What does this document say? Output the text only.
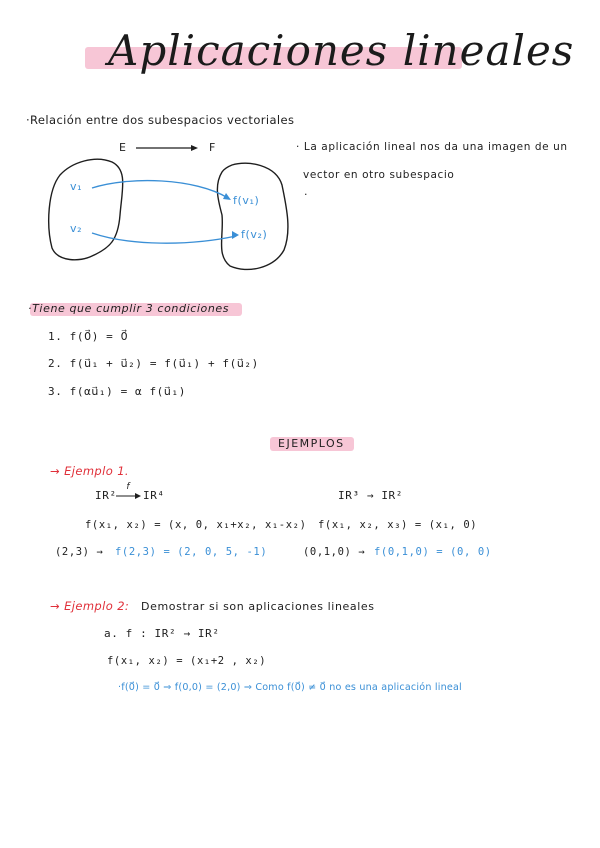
Aplicaciones lineales
·Relación entre dos subespacios vectoriales
E	F
v₁
v₂
f(v₁)
f(v₂)
· La aplicación lineal nos da una imagen de un
vector en otro subespacio
·
·Tiene que cumplir 3 condiciones
1. f(0⃗) = 0⃗
2. f(u⃗₁ + u⃗₂) = f(u⃗₁) + f(u⃗₂)
3. f(αu⃗₁) = α f(u⃗₁)
EJEMPLOS
→ Ejemplo 1.
IR²
f
IR⁴	IR³ → IR²
f(x₁, x₂) = (x, 0, x₁+x₂, x₁-x₂) f(x₁, x₂, x₃) = (x₁, 0)
(2,3) → f(2,3) = (2, 0, 5, -1)	(0,1,0) → f(0,1,0) = (0, 0)
→ Ejemplo 2: Demostrar si son aplicaciones lineales
a. f : IR² → IR²
f(x₁, x₂) = (x₁+2 , x₂)
·f(0⃗) = 0⃗ ⇒ f(0,0) = (2,0) ⇒ Como f(0⃗) ≠ 0⃗ no es una aplicación lineal
